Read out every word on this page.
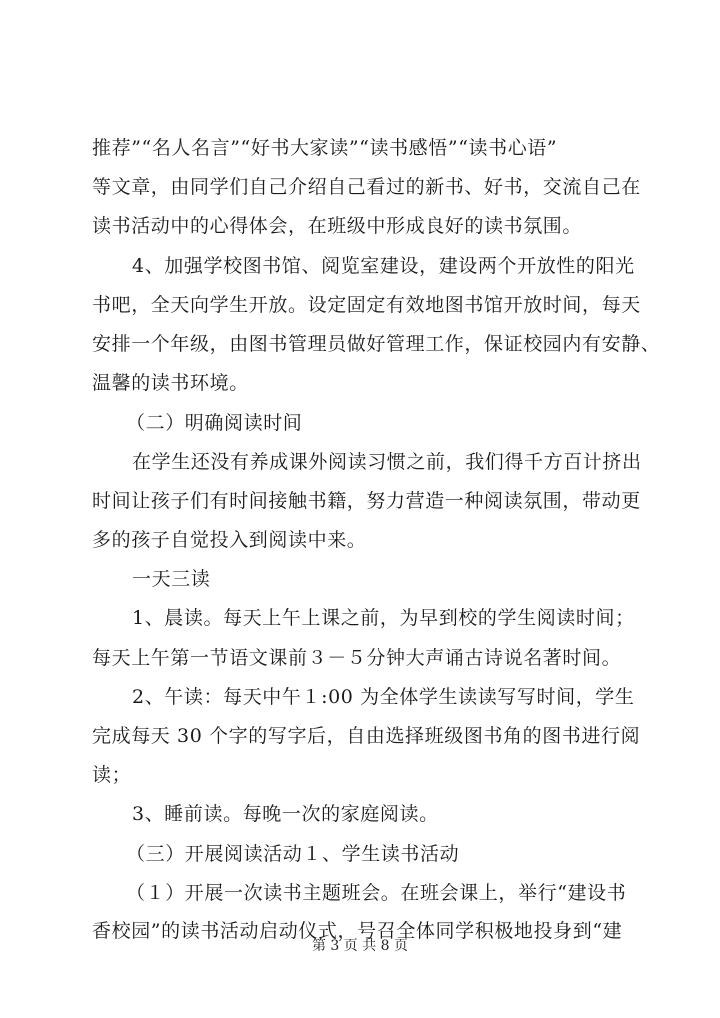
推荐”“名人名言”“好书大家读”“读书感悟”“读书心语”
等文章，由同学们自己介绍自己看过的新书、好书，交流自己在
读书活动中的心得体会，在班级中形成良好的读书氛围。
4、加强学校图书馆、阅览室建设，建设两个开放性的阳光
书吧，全天向学生开放。设定固定有效地图书馆开放时间，每天
安排一个年级，由图书管理员做好管理工作，保证校园内有安静、
温馨的读书环境。
（二）明确阅读时间
在学生还没有养成课外阅读习惯之前，我们得千方百计挤出
时间让孩子们有时间接触书籍，努力营造一种阅读氛围，带动更
多的孩子自觉投入到阅读中来。
一天三读
1、晨读。每天上午上课之前，为早到校的学生阅读时间；
每天上午第一节语文课前３－５分钟大声诵古诗说名著时间。
2、午读：每天中午１:00 为全体学生读读写写时间，学生
完成每天 30 个字的写字后，自由选择班级图书角的图书进行阅
读；
3、睡前读。每晚一次的家庭阅读。
（三）开展阅读活动１、学生读书活动
（１）开展一次读书主题班会。在班会课上，举行“建设书
香校园”的读书活动启动仪式，号召全体同学积极地投身到“建
第 3 页 共 8 页
